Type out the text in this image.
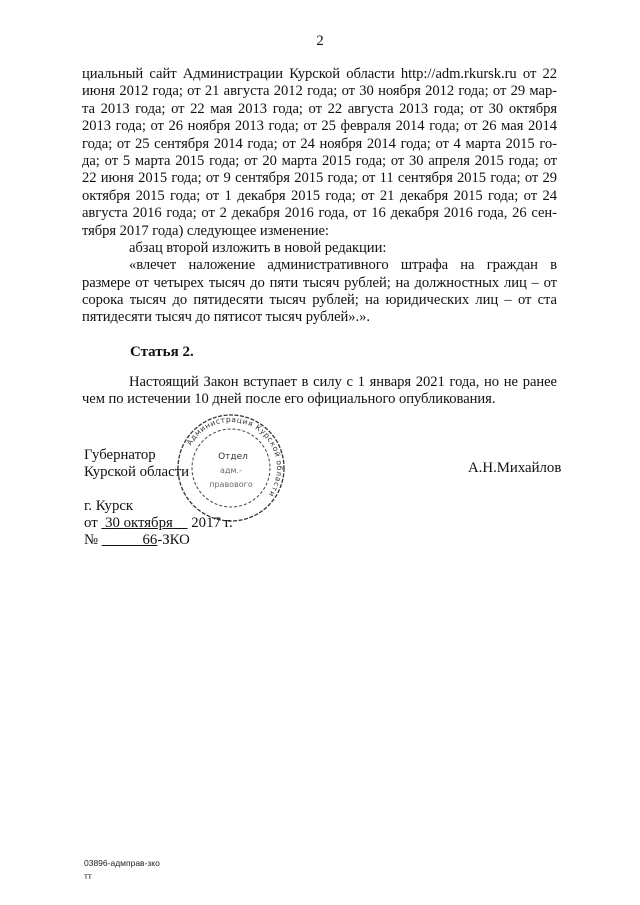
2
циальный сайт Администрации Курской области http://adm.rkursk.ru от 22
июня 2012 года; от 21 августа 2012 года; от 30 ноября 2012 года; от 29 мар-
та 2013 года; от 22 мая 2013 года; от 22 августа 2013 года; от 30 октября
2013 года; от 26 ноября 2013 года; от 25 февраля 2014 года; от 26 мая 2014
года; от 25 сентября 2014 года; от 24 ноября 2014 года; от 4 марта 2015 го-
да; от 5 марта 2015 года; от 20 марта 2015 года; от 30 апреля 2015 года; от
22 июня 2015 года; от 9 сентября 2015 года; от 11 сентября 2015 года; от 29
октября 2015 года; от 1 декабря 2015 года; от 21 декабря 2015 года; от 24
августа 2016 года; от 2 декабря 2016 года, от 16 декабря 2016 года, 26 сен-
тября 2017 года) следующее изменение:
абзац второй изложить в новой редакции:
«влечет наложение административного штрафа на граждан в
размере от четырех тысяч до пяти тысяч рублей; на должностных лиц – от
сорока тысяч до пятидесяти тысяч рублей; на юридических лиц – от ста
пятидесяти тысяч до пятисот тысяч рублей».».
Статья 2.
Настоящий Закон вступает в силу с 1 января 2021 года, но не ранее
чем по истечении 10 дней после его официального опубликования.
Администрация Курской области
Отдел
адм.-
правового
Губернатор
Курской области	А.Н.Михайлов
г. Курск
от 30 октября 2017 г.
№	66-ЗКО
03896-адмправ-зко
тт
